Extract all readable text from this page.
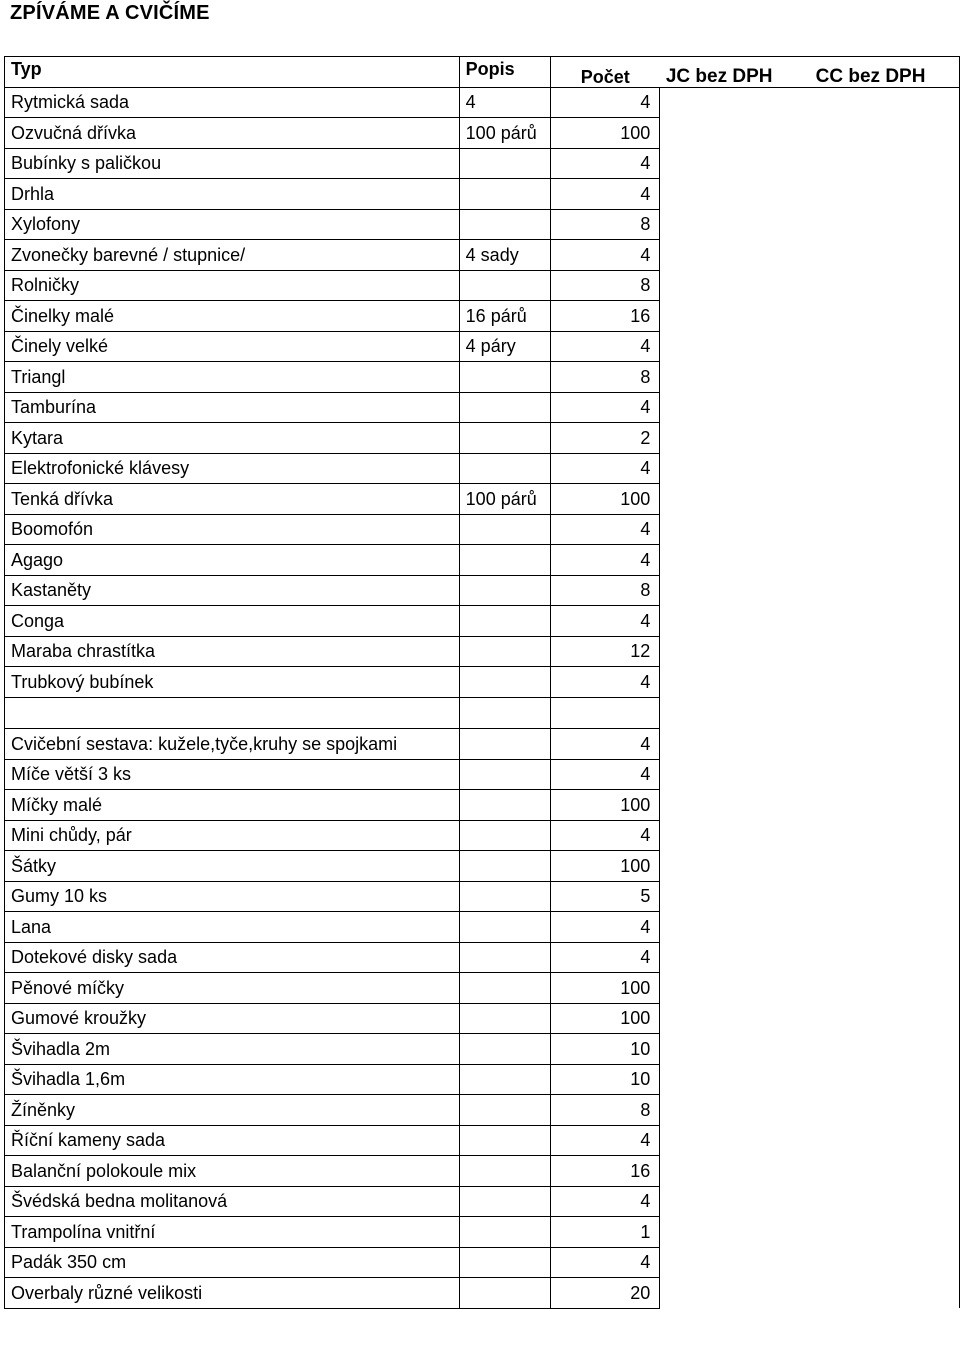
ZPÍVÁME A CVIČÍME
Typ	Popis	Počet	JC bez DPH	CC bez DPH
Rytmická sada	4	4		
Ozvučná dřívka	100 párů	100		
Bubínky s paličkou		4		
Drhla		4		
Xylofony		8		
Zvonečky barevné / stupnice/	4 sady	4		
Rolničky		8		
Činelky malé	16 párů	16		
Činely velké	4 páry	4		
Triangl		8		
Tamburína		4		
Kytara		2		
Elektrofonické klávesy		4		
Tenká dřívka	100 párů	100		
Boomofón		4		
Agago		4		
Kastaněty		8		
Conga		4		
Maraba chrastítka		12		
Trubkový bubínek		4		

Cvičební sestava: kužele,tyče,kruhy se spojkami		4		
Míče větší 3 ks		4		
Míčky malé		100		
Mini chůdy, pár		4		
Šátky		100		
Gumy 10 ks		5		
Lana		4		
Dotekové disky sada		4		
Pěnové míčky		100		
Gumové kroužky		100		
Švihadla 2m		10		
Švihadla 1,6m		10		
Žíněnky		8		
Říční kameny sada		4		
Balanční polokoule mix		16		
Švédská bedna molitanová		4		
Trampolína vnitřní		1		
Padák 350 cm		4		
Overbaly různé velikosti		20		
